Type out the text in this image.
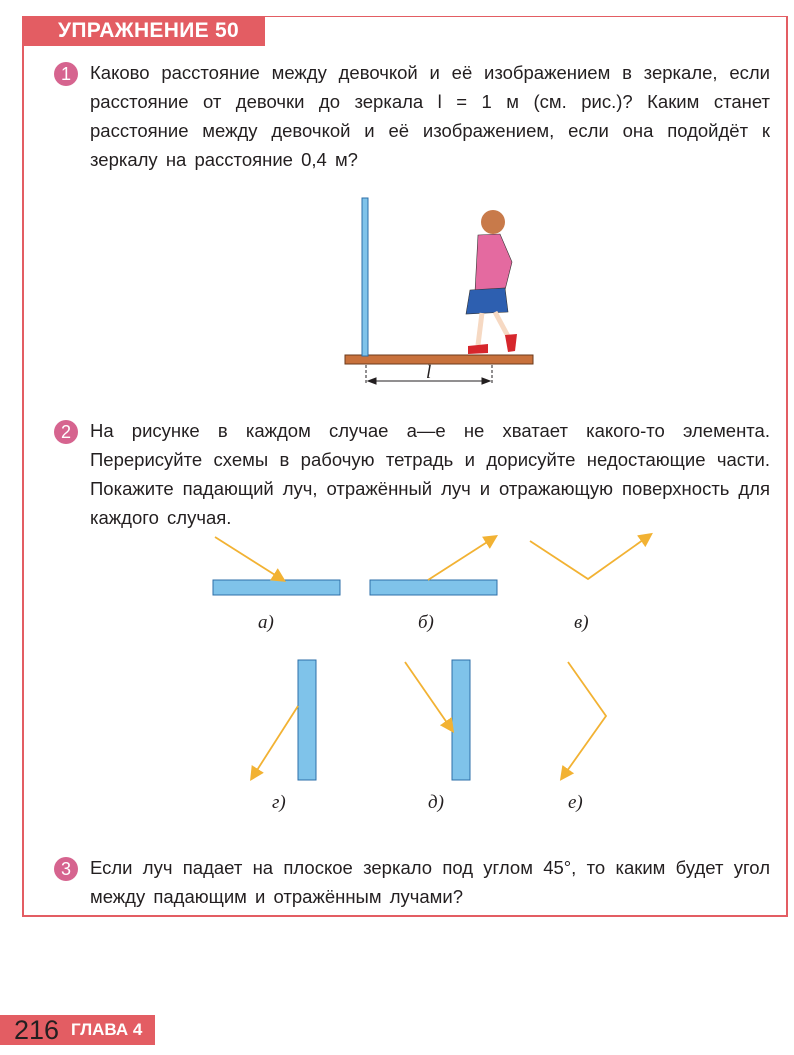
УПРАЖНЕНИЕ 50
1	Каково расстояние между девочкой и её изображением в зеркале, если расстояние от девочки до зеркала l = 1 м (см. рис.)? Каким станет расстояние между девочкой и её изображением, если она подойдёт к зеркалу на расстояние 0,4 м?
l
2	На рисунке в каждом случае а—е не хватает какого-то элемента. Перерисуйте схемы в рабочую тетрадь и дорисуйте недостающие части. Покажите падающий луч, отражённый луч и отражающую поверхность для каждого случая.
а)	б)	в)
г)	д)	е)
3	Если луч падает на плоское зеркало под углом 45°, то каким будет угол между падающим и отражённым лучами?
216 ГЛАВА 4
